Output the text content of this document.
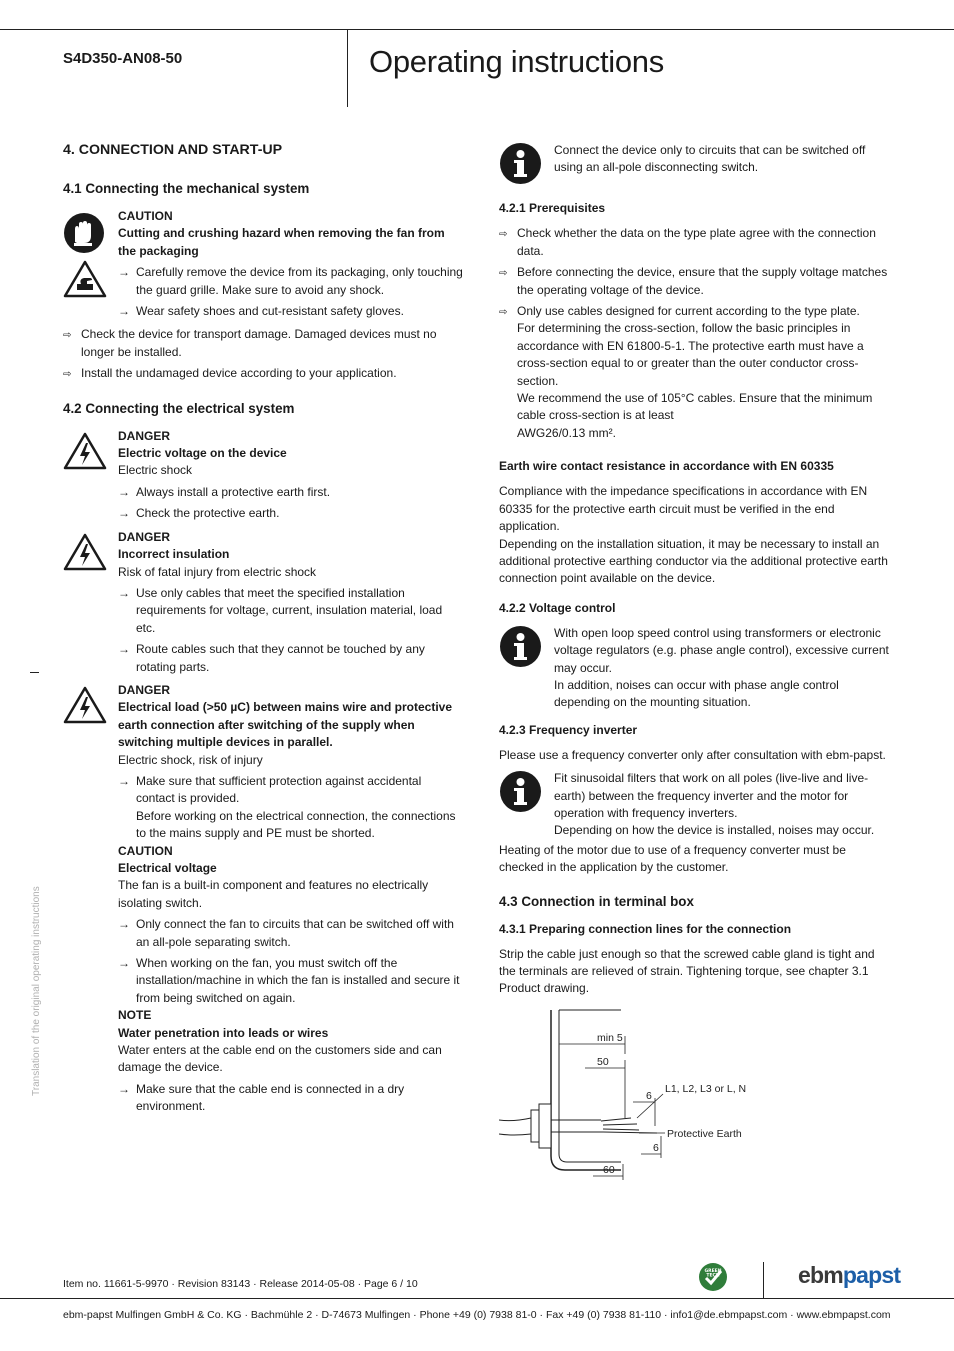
S4D350-AN08-50	Operating instructions
4. CONNECTION AND START-UP
4.1 Connecting the mechanical system
CAUTION
Cutting and crushing hazard when removing the fan from the packaging
→ Carefully remove the device from its packaging, only touching the guard grille. Make sure to avoid any shock.
→ Wear safety shoes and cut-resistant safety gloves.
⇨ Check the device for transport damage. Damaged devices must no longer be installed.
⇨ Install the undamaged device according to your application.
4.2 Connecting the electrical system
DANGER
Electric voltage on the device

Electric shock

→ Always install a protective earth first.
→ Check the protective earth.
DANGER
Incorrect insulation

Risk of fatal injury from electric shock

→ Use only cables that meet the specified installation requirements for voltage, current, insulation material, load etc.
→ Route cables such that they cannot be touched by any rotating parts.
DANGER
Electrical load (>50 µC) between mains wire and protective earth connection after switching of the supply when switching multiple devices in parallel.

Electric shock, risk of injury

→ Make sure that sufficient protection against accidental contact is provided.
Before working on the electrical connection, the connections to the mains supply and PE must be shorted.
CAUTION
Electrical voltage

The fan is a built-in component and features no electrically isolating switch.

→ Only connect the fan to circuits that can be switched off with an all-pole separating switch.
→ When working on the fan, you must switch off the installation/machine in which the fan is installed and secure it from being switched on again.
NOTE
Water penetration into leads or wires

Water enters at the cable end on the customers side and can damage the device.

→ Make sure that the cable end is connected in a dry environment.
Connect the device only to circuits that can be switched off using an all-pole disconnecting switch.
4.2.1 Prerequisites
⇨ Check whether the data on the type plate agree with the connection data.
⇨ Before connecting the device, ensure that the supply voltage matches the operating voltage of the device.
⇨ Only use cables designed for current according to the type plate.
For determining the cross-section, follow the basic principles in accordance with EN 61800-5-1. The protective earth must have a cross-section equal to or greater than the outer conductor cross-section.
We recommend the use of 105°C cables. Ensure that the minimum cable cross-section is at least
AWG26/0.13 mm².
Earth wire contact resistance in accordance with EN 60335

Compliance with the impedance specifications in accordance with EN 60335 for the protective earth circuit must be verified in the end application.

Depending on the installation situation, it may be necessary to install an additional protective earthing conductor via the additional protective earth connection point available on the device.

4.2.2 Voltage control
With open loop speed control using transformers or electronic voltage regulators (e.g. phase angle control), excessive current may occur.
In addition, noises can occur with phase angle control depending on the mounting situation.
4.2.3 Frequency inverter

Please use a frequency converter only after consultation with ebm-papst.

Fit sinusoidal filters that work on all poles (live-live and live-earth) between the frequency inverter and the motor for operation with frequency inverters.
Depending on how the device is installed, noises may occur.

Heating of the motor due to use of a frequency converter must be checked in the application by the customer.

4.3 Connection in terminal box
4.3.1 Preparing connection lines for the connection

Strip the cable just enough so that the screwed cable gland is tight and the terminals are relieved of strain. Tightening torque, see chapter 3.1 Product drawing.

min 5
50
6
L1, L2, L3 or L, N
Protective Earth
6
60
Translation of the original operating instructions
Item no. 11661-5-9970 · Revision 83143 · Release 2014-05-08 · Page 6 / 10
GREEN
TECH	ebmpapst
ebm-papst Mulfingen GmbH & Co. KG · Bachmühle 2 · D-74673 Mulfingen · Phone +49 (0) 7938 81-0 · Fax +49 (0) 7938 81-110 · info1@de.ebmpapst.com · www.ebmpapst.com
